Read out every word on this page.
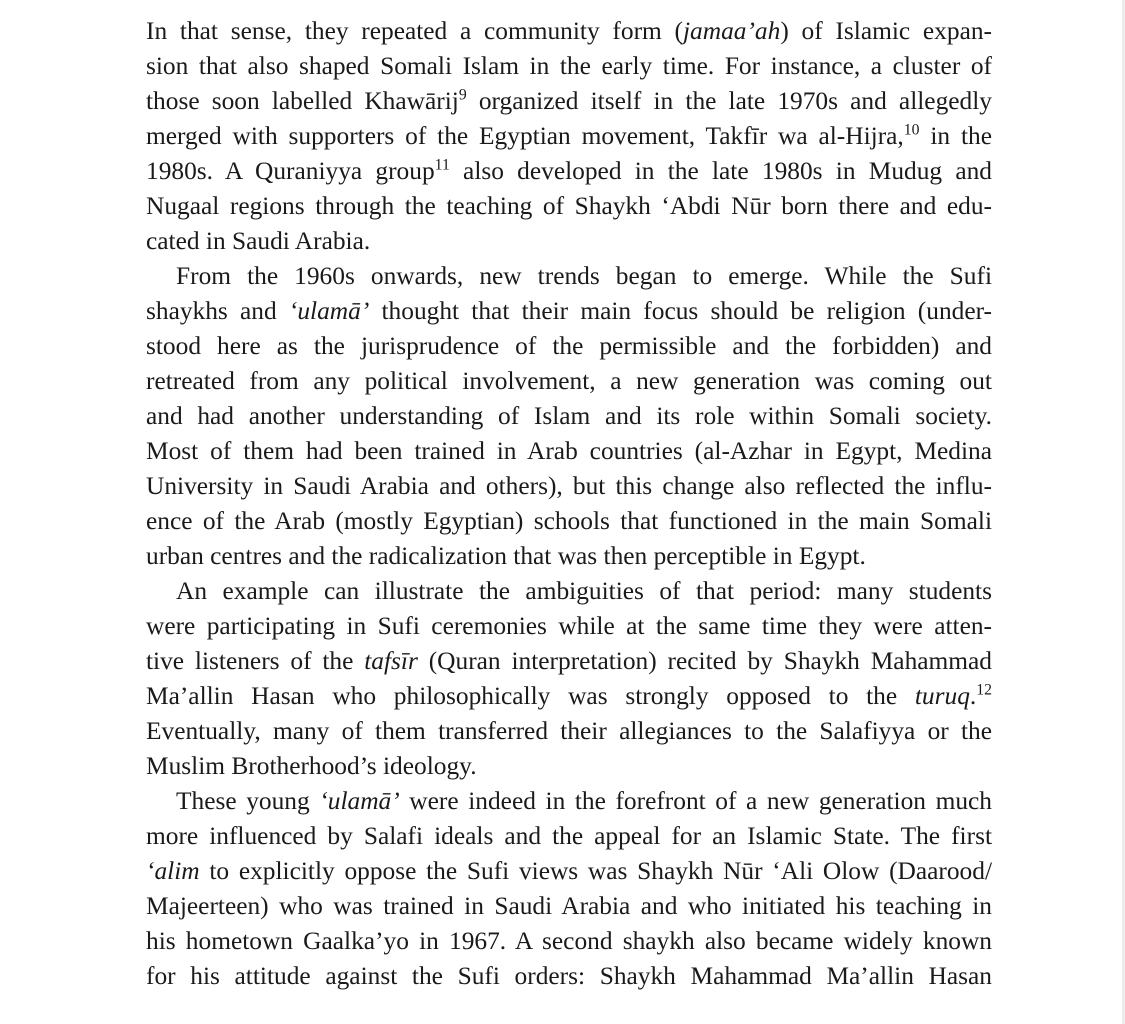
In that sense, they repeated a community form (jamaa’ah) of Islamic expan-
sion that also shaped Somali Islam in the early time. For instance, a cluster of
those soon labelled Khawārij$^9$ organized itself in the late 1970s and allegedly
merged with supporters of the Egyptian movement, Takfīr wa al-Hijra,$^{10}$ in the
1980s. A Quraniyya group$^{11}$ also developed in the late 1980s in Mudug and
Nugaal regions through the teaching of Shaykh ‘Abdi Nūr born there and edu-
cated in Saudi Arabia.
From the 1960s onwards, new trends began to emerge. While the Sufi
shaykhs and ‘ulamā’ thought that their main focus should be religion (under-
stood here as the jurisprudence of the permissible and the forbidden) and
retreated from any political involvement, a new generation was coming out
and had another understanding of Islam and its role within Somali society.
Most of them had been trained in Arab countries (al-Azhar in Egypt, Medina
University in Saudi Arabia and others), but this change also reflected the influ-
ence of the Arab (mostly Egyptian) schools that functioned in the main Somali
urban centres and the radicalization that was then perceptible in Egypt.
An example can illustrate the ambiguities of that period: many students
were participating in Sufi ceremonies while at the same time they were atten-
tive listeners of the tafsīr (Quran interpretation) recited by Shaykh Mahammad
Ma’allin Hasan who philosophically was strongly opposed to the turuq.$^{12}$
Eventually, many of them transferred their allegiances to the Salafiyya or the
Muslim Brotherhood’s ideology.
These young ‘ulamā’ were indeed in the forefront of a new generation much
more influenced by Salafi ideals and the appeal for an Islamic State. The first
‘alim to explicitly oppose the Sufi views was Shaykh Nūr ‘Ali Olow (Daarood/
Majeerteen) who was trained in Saudi Arabia and who initiated his teaching in
his hometown Gaalka’yo in 1967. A second shaykh also became widely known
for his attitude against the Sufi orders: Shaykh Mahammad Ma’allin Hasan
